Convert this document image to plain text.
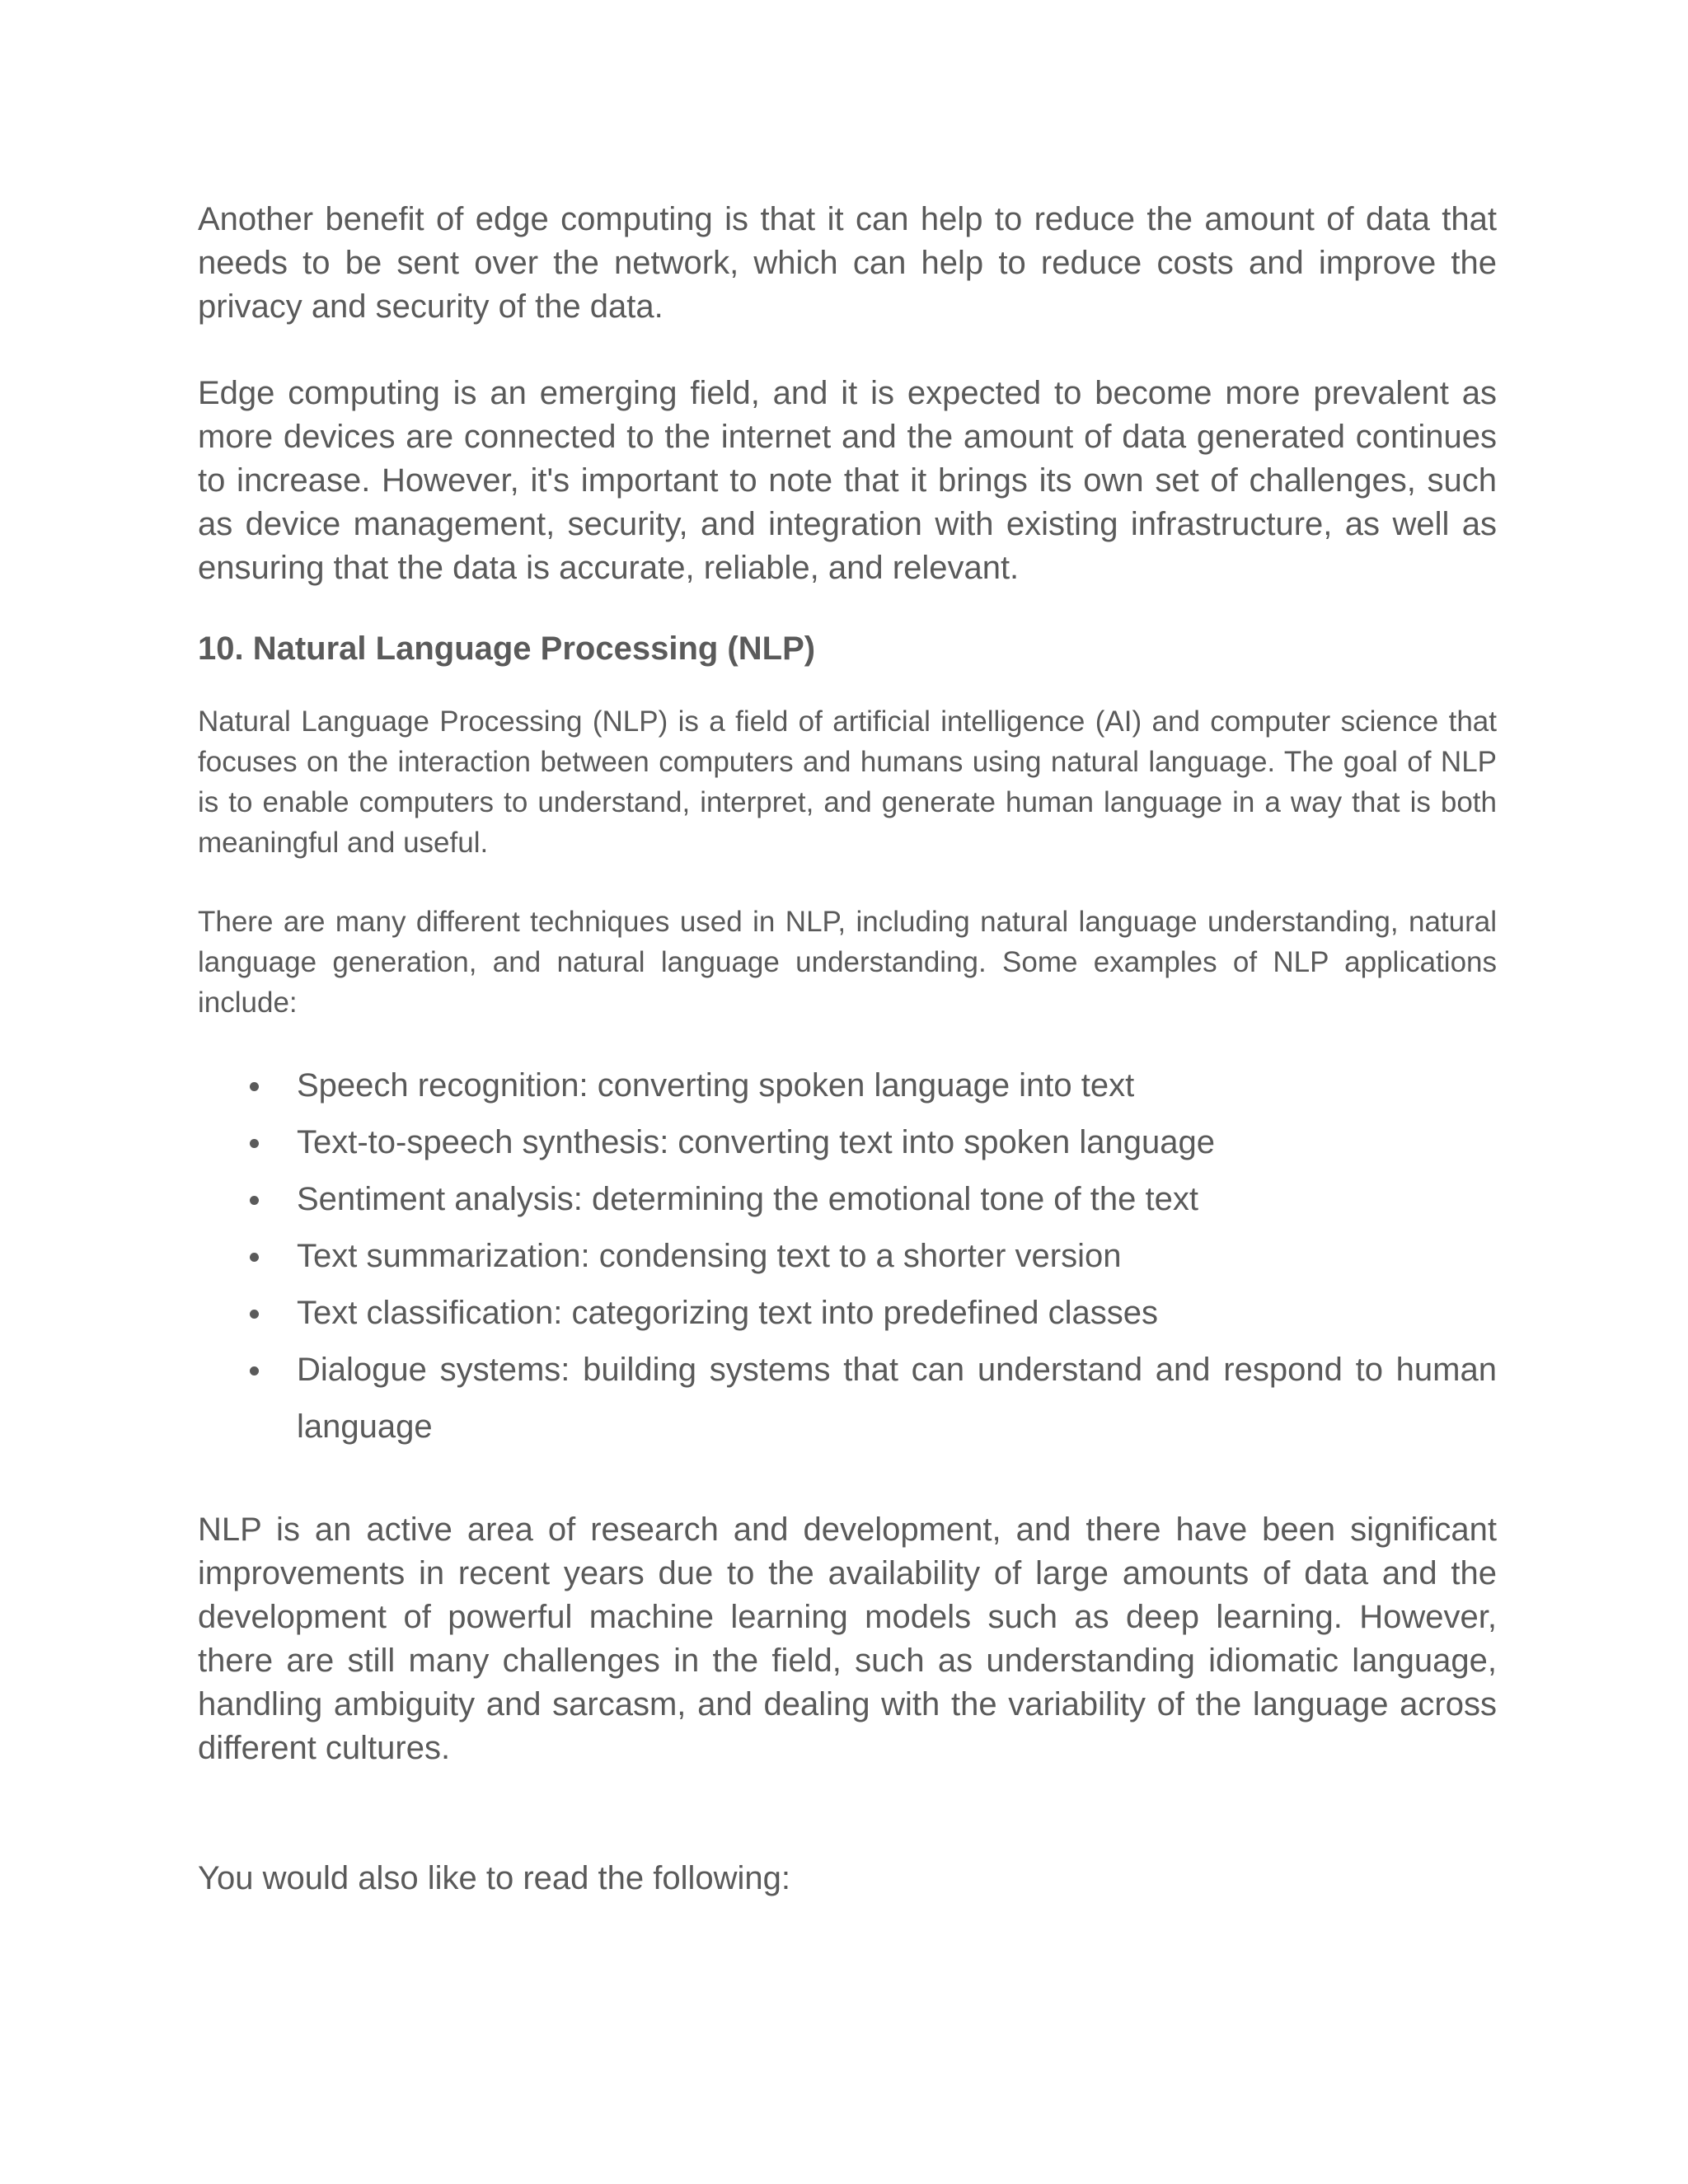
Another benefit of edge computing is that it can help to reduce the amount of data that needs to be sent over the network, which can help to reduce costs and improve the privacy and security of the data.

Edge computing is an emerging field, and it is expected to become more prevalent as more devices are connected to the internet and the amount of data generated continues to increase. However, it's important to note that it brings its own set of challenges, such as device management, security, and integration with existing infrastructure, as well as ensuring that the data is accurate, reliable, and relevant.

10. Natural Language Processing (NLP)

Natural Language Processing (NLP) is a field of artificial intelligence (AI) and computer science that focuses on the interaction between computers and humans using natural language. The goal of NLP is to enable computers to understand, interpret, and generate human language in a way that is both meaningful and useful.

There are many different techniques used in NLP, including natural language understanding, natural language generation, and natural language understanding. Some examples of NLP applications include:

Speech recognition: converting spoken language into text
Text-to-speech synthesis: converting text into spoken language
Sentiment analysis: determining the emotional tone of the text
Text summarization: condensing text to a shorter version
Text classification: categorizing text into predefined classes
Dialogue systems: building systems that can understand and respond to human language

NLP is an active area of research and development, and there have been significant improvements in recent years due to the availability of large amounts of data and the development of powerful machine learning models such as deep learning. However, there are still many challenges in the field, such as understanding idiomatic language, handling ambiguity and sarcasm, and dealing with the variability of the language across different cultures.

You would also like to read the following:
